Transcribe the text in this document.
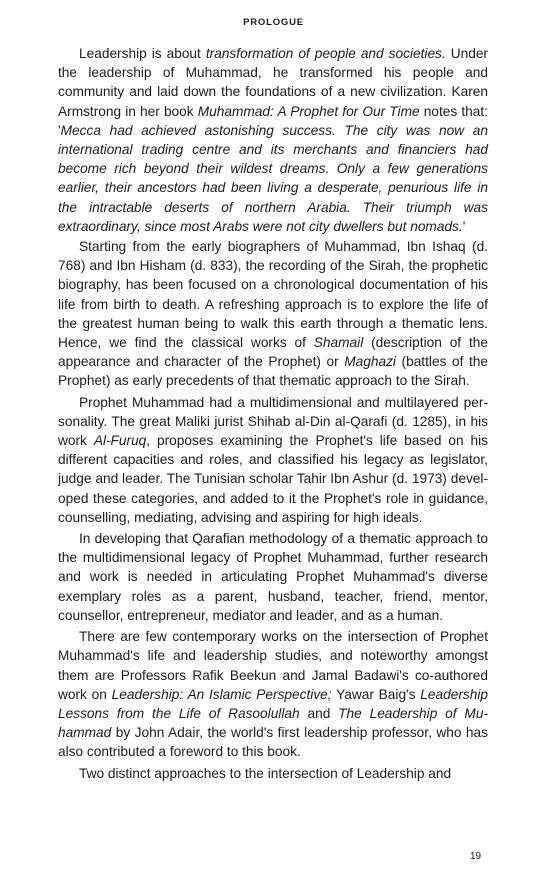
PROLOGUE

Leadership is about transformation of people and societies. Under the leadership of Muhammad, he transformed his people and community and laid down the foundations of a new civilization. Karen Armstrong in her book Muhammad: A Prophet for Our Time notes that: 'Mecca had achieved astonishing success. The city was now an international trading centre and its merchants and financiers had become rich beyond their wildest dreams. Only a few generations earlier, their ancestors had been living a desperate, penurious life in the intractable deserts of northern Arabia. Their triumph was extraordinary, since most Arabs were not city dwellers but nomads.'

Starting from the early biographers of Muhammad, Ibn Ishaq (d. 768) and Ibn Hisham (d. 833), the recording of the Sirah, the prophetic biography, has been focused on a chronological documentation of his life from birth to death. A refreshing approach is to explore the life of the greatest human being to walk this earth through a thematic lens. Hence, we find the classical works of Shamail (description of the appearance and character of the Prophet) or Maghazi (battles of the Prophet) as early precedents of that thematic approach to the Sirah.

Prophet Muhammad had a multidimensional and multilayered personality. The great Maliki jurist Shihab al-Din al-Qarafi (d. 1285), in his work Al-Furuq, proposes examining the Prophet's life based on his different capacities and roles, and classified his legacy as legislator, judge and leader. The Tunisian scholar Tahir Ibn Ashur (d. 1973) developed these categories, and added to it the Prophet's role in guidance, counselling, mediating, advising and aspiring for high ideals.

In developing that Qarafian methodology of a thematic approach to the multidimensional legacy of Prophet Muhammad, further research and work is needed in articulating Prophet Muhammad's diverse exemplary roles as a parent, husband, teacher, friend, mentor, counsellor, entrepreneur, mediator and leader, and as a human.

There are few contemporary works on the intersection of Prophet Muhammad's life and leadership studies, and noteworthy amongst them are Professors Rafik Beekun and Jamal Badawi's co-authored work on Leadership: An Islamic Perspective; Yawar Baig's Leadership Lessons from the Life of Rasoolullah and The Leadership of Muhammad by John Adair, the world's first leadership professor, who has also contributed a foreword to this book.

Two distinct approaches to the intersection of Leadership and

19
